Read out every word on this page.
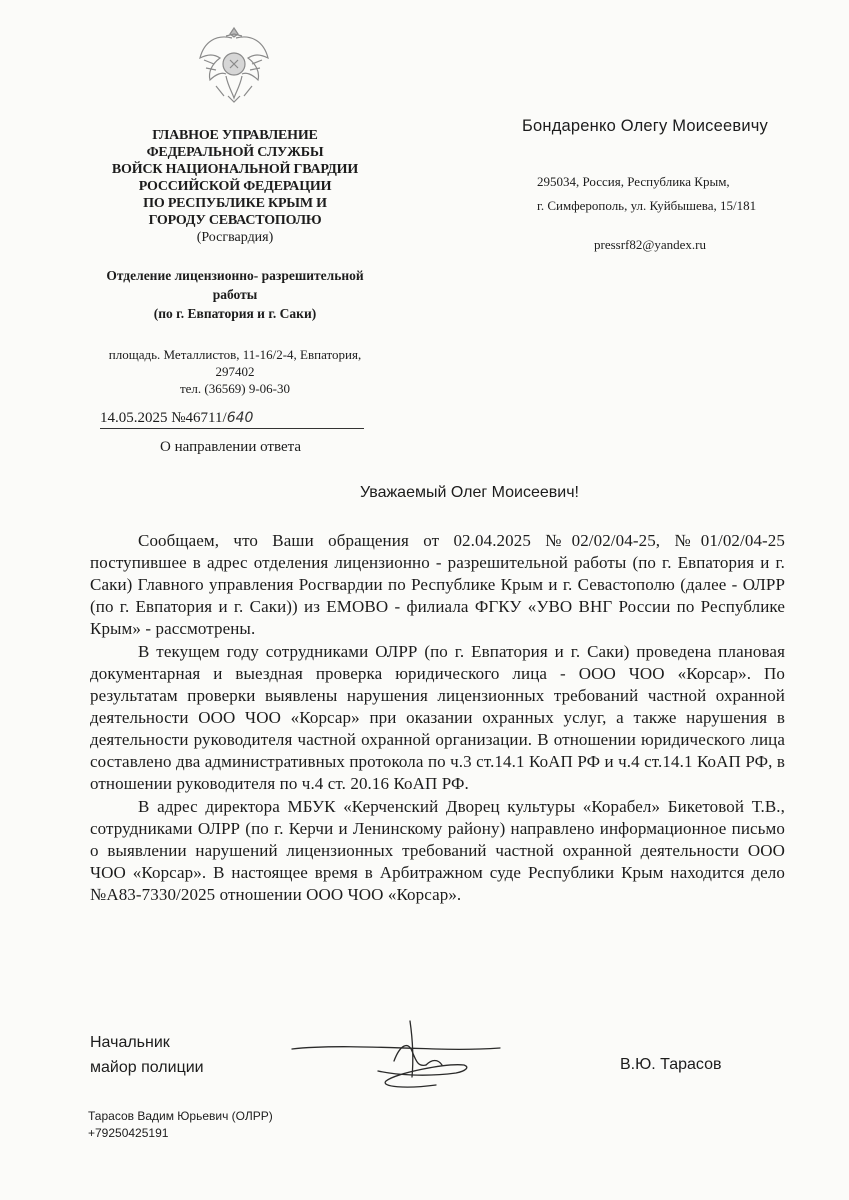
ГЛАВНОЕ УПРАВЛЕНИЕ
ФЕДЕРАЛЬНОЙ СЛУЖБЫ
ВОЙСК НАЦИОНАЛЬНОЙ ГВАРДИИ
РОССИЙСКОЙ ФЕДЕРАЦИИ
ПО РЕСПУБЛИКЕ КРЫМ И
ГОРОДУ СЕВАСТОПОЛЮ
(Росгвардия)
Отделение лицензионно- разрешительной
работы
(по г. Евпатория и г. Саки)
площадь. Металлистов, 11-16/2-4, Евпатория,
297402
тел. (36569) 9-06-30
14.05.2025 №46711/640
О направлении ответа
Бондаренко Олегу Моисеевичу
295034, Россия, Республика Крым,
г. Симферополь, ул. Куйбышева, 15/181
pressrf82@yandex.ru
Уважаемый Олег Моисеевич!

Сообщаем, что Ваши обращения от 02.04.2025 №02/02/04-25, №01/02/04-25 поступившее в адрес отделения лицензионно - разрешительной работы (по г. Евпатория и г. Саки) Главного управления Росгвардии по Республике Крым и г. Севастополю (далее - ОЛРР (по г. Евпатория и г. Саки)) из ЕМОВО - филиала ФГКУ «УВО ВНГ России по Республике Крым» - рассмотрены.

В текущем году сотрудниками ОЛРР (по г. Евпатория и г. Саки) проведена плановая документарная и выездная проверка юридического лица - ООО ЧОО «Корсар». По результатам проверки выявлены нарушения лицензионных требований частной охранной деятельности ООО ЧОО «Корсар» при оказании охранных услуг, а также нарушения в деятельности руководителя частной охранной организации. В отношении юридического лица составлено два административных протокола по ч.3 ст.14.1 КоАП РФ и ч.4 ст.14.1 КоАП РФ, в отношении руководителя по ч.4 ст. 20.16 КоАП РФ.

В адрес директора МБУК «Керченский Дворец культуры «Корабел» Бикетовой Т.В., сотрудниками ОЛРР (по г. Керчи и Ленинскому району) направлено информационное письмо о выявлении нарушений лицензионных требований частной охранной деятельности ООО ЧОО «Корсар». В настоящее время в Арбитражном суде Республики Крым находится дело №А83-7330/2025 отношении ООО ЧОО «Корсар».

Начальник
майор полиции	В.Ю. Тарасов
Тарасов Вадим Юрьевич (ОЛРР)
+79250425191
